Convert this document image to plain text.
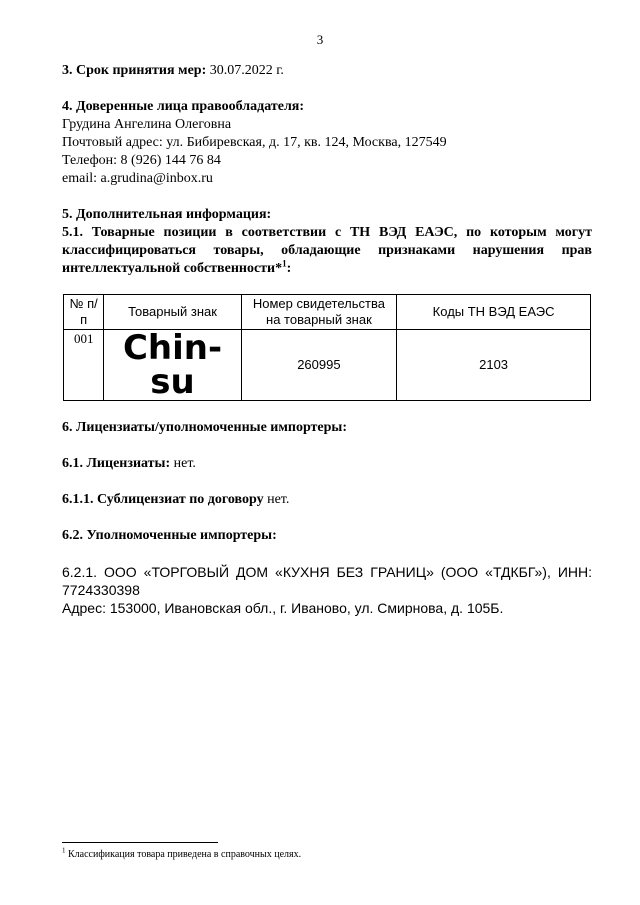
3

3. Срок принятия мер: 30.07.2022 г.

4. Доверенные лица правообладателя:

Грудина Ангелина Олеговна

Почтовый адрес: ул. Бибиревская, д. 17, кв. 124, Москва, 127549

Телефон: 8 (926) 144 76 84

email: a.grudina@inbox.ru

5. Дополнительная информация:

5.1. Товарные позиции в соответствии с ТН ВЭД ЕАЭС, по которым могут классифицироваться товары, обладающие признаками нарушения прав интеллектуальной собственности*$^1$:

№ п/п	Товарный знак	Номер свидетельства на товарный знак	Коды ТН ВЭД ЕАЭС
001	Chin-su	260995	2103

6. Лицензиаты/уполномоченные импортеры:

6.1. Лицензиаты: нет.

6.1.1. Сублицензиат по договору нет.

6.2. Уполномоченные импортеры:

6.2.1. ООО «ТОРГОВЫЙ ДОМ «КУХНЯ БЕЗ ГРАНИЦ» (ООО «ТДКБГ»), ИНН: 7724330398

Адрес: 153000, Ивановская обл., г. Иваново, ул. Смирнова, д. 105Б.

$^1$ Классификация товара приведена в справочных целях.
